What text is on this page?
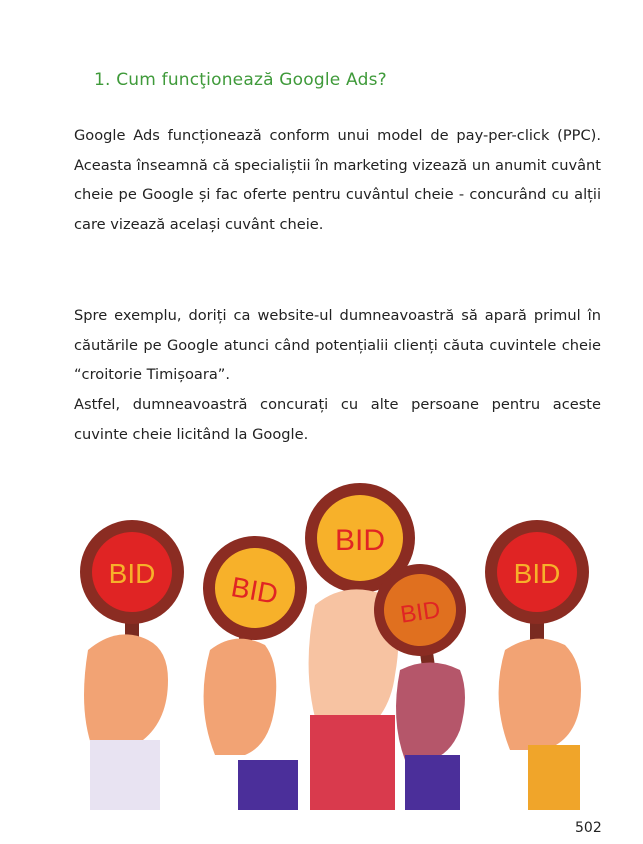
1. Cum funcţionează Google Ads?

Google Ads funcționează conform unui model de pay-per-click (PPC). Aceasta înseamnă că specialiștii în marketing vizează un anumit cuvânt cheie pe Google și fac oferte pentru cuvântul cheie - concurând cu alții care vizează același cuvânt cheie.

Spre exemplu, doriți ca website-ul dumneavoastră să apară primul în căutările pe Google atunci când potențialii clienți căuta cuvintele cheie “croitorie Timișoara”.

Astfel, dumneavoastră concurați cu alte persoane pentru aceste cuvinte cheie licitând la Google.

BID	BID
BID
BID
BID
502
